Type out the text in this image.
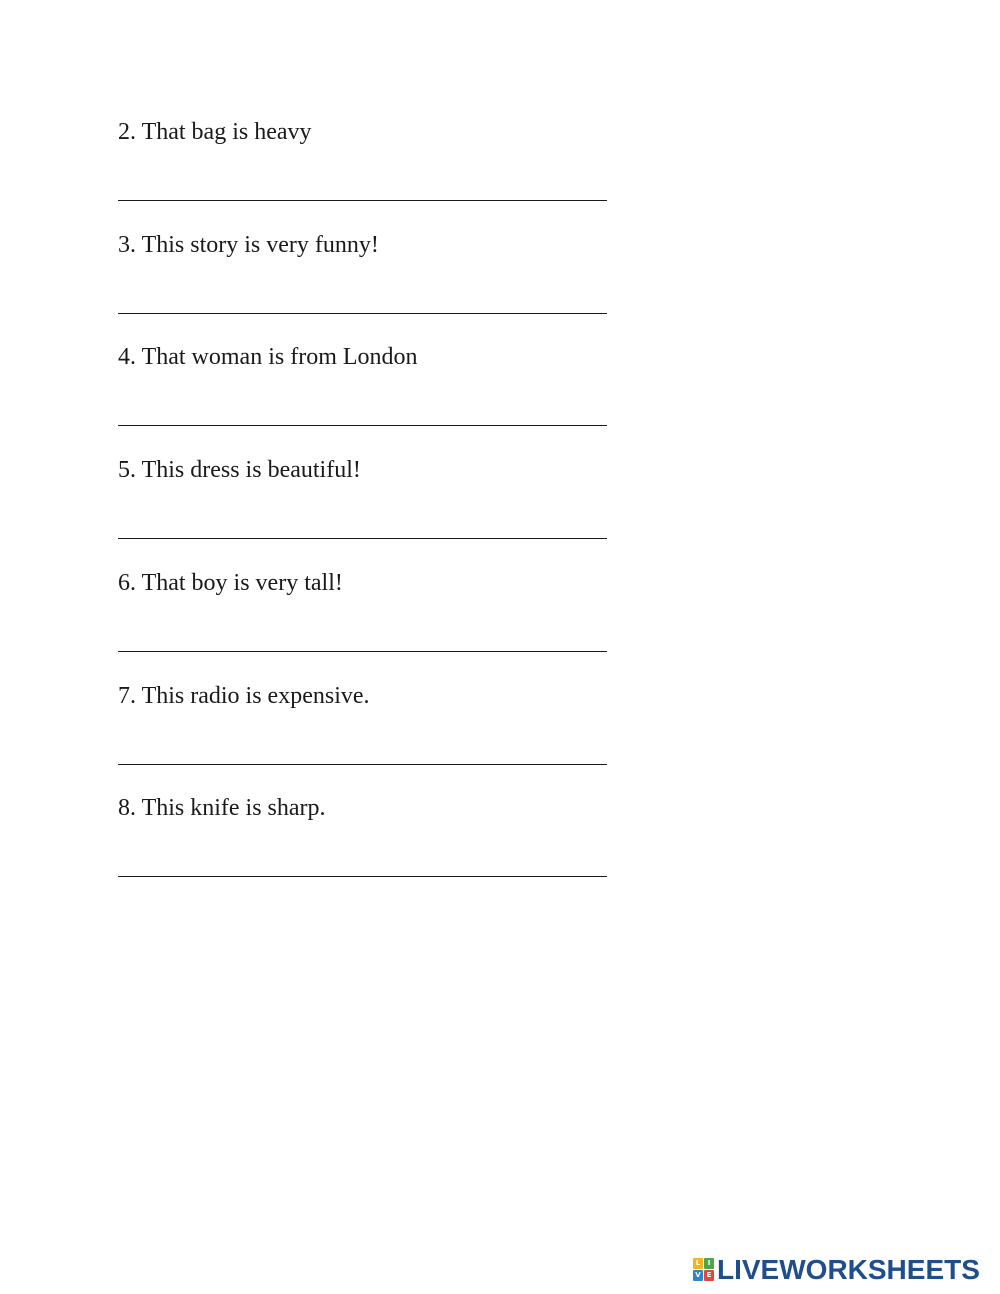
2. That bag is heavy
3. This story is very funny!
4. That woman is from London
5. This dress is beautiful!
6. That boy is very tall!
7. This radio is expensive.
8. This knife is sharp.
L	I
V E LIVEWORKSHEETS
